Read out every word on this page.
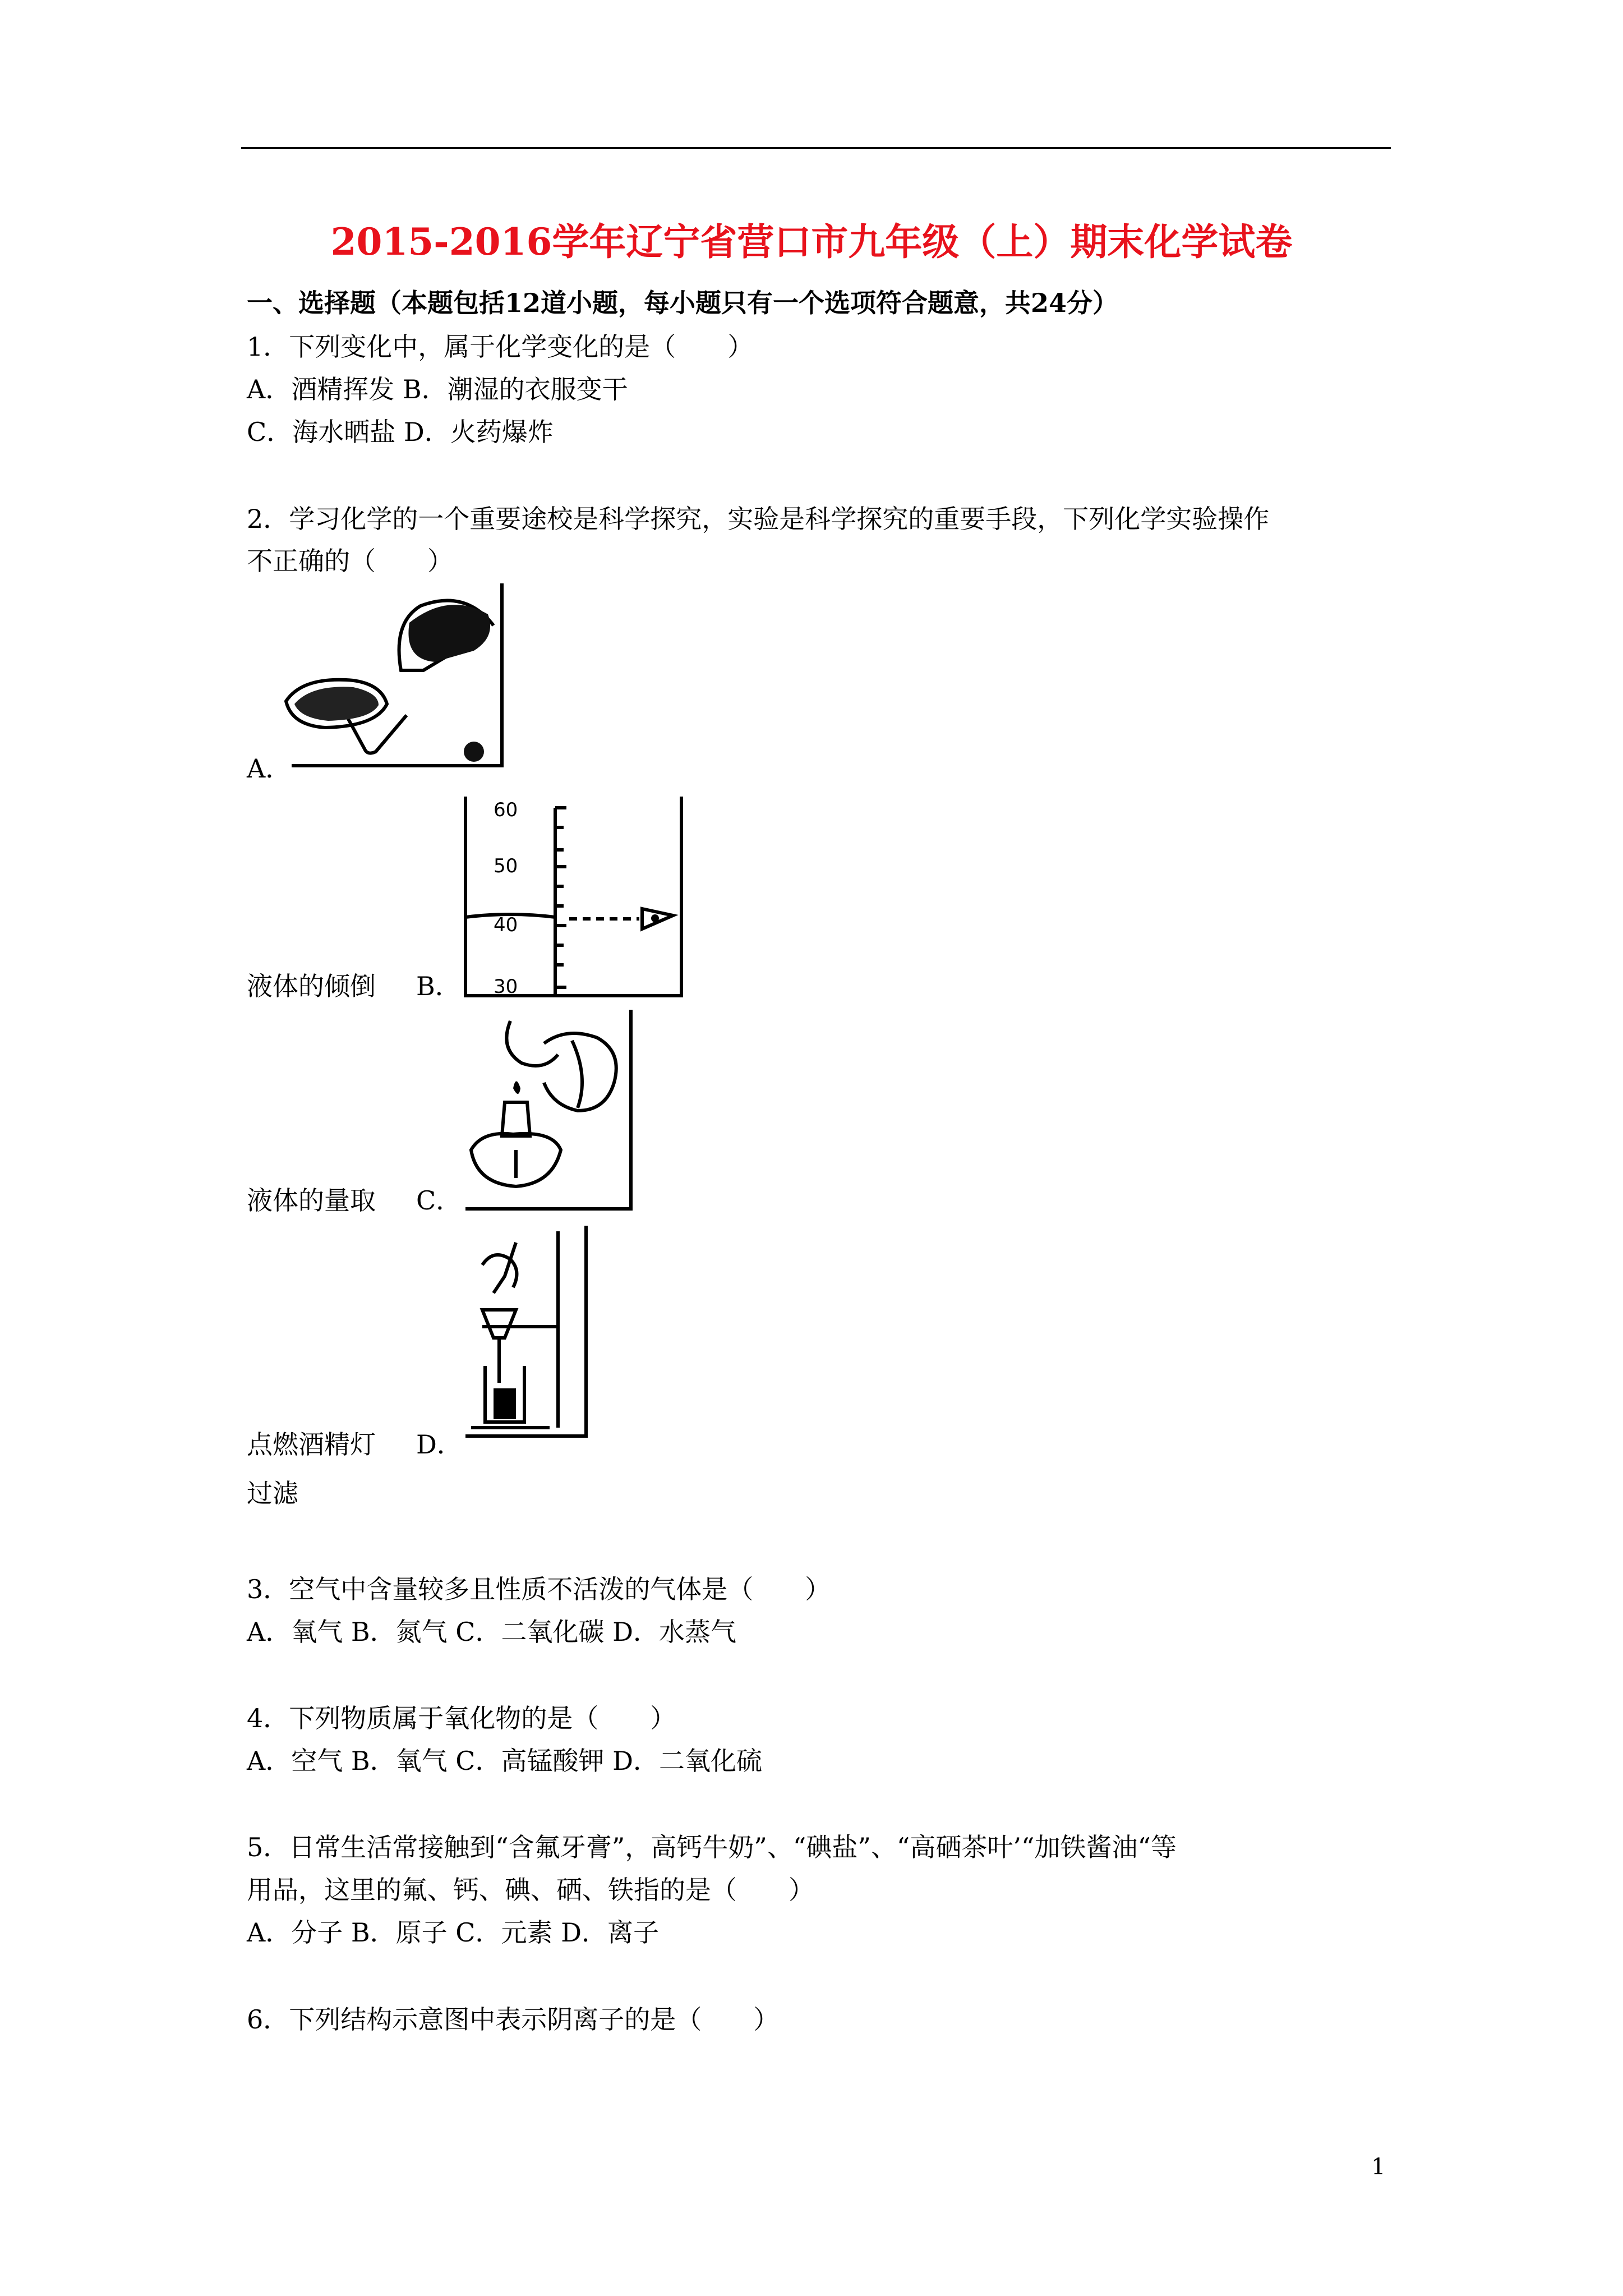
2015-2016学年辽宁省营口市九年级（上）期末化学试卷
一、选择题（本题包括12道小题，每小题只有一个选项符合题意，共24分）
1．下列变化中，属于化学变化的是（　　）
A．酒精挥发 B．潮湿的衣服变干
C．海水晒盐 D．火药爆炸
2．学习化学的一个重要途校是科学探究，实验是科学探究的重要手段，下列化学实验操作
不正确的（　　）
A．
60
50
40
30
液体的倾倒 B．
液体的量取 C．
点燃酒精灯 D．
过滤
3．空气中含量较多且性质不活泼的气体是（　　）
A．氧气 B．氮气 C．二氧化碳 D．水蒸气
4．下列物质属于氧化物的是（　　）
A．空气 B．氧气 C．高锰酸钾 D．二氧化硫
5．日常生活常接触到“含氟牙膏”，高钙牛奶”、“碘盐”、“高硒茶叶’“加铁酱油“等
用品，这里的氟、钙、碘、硒、铁指的是（　　）
A．分子 B．原子 C．元素 D．离子
6．下列结构示意图中表示阴离子的是（　　）
1
